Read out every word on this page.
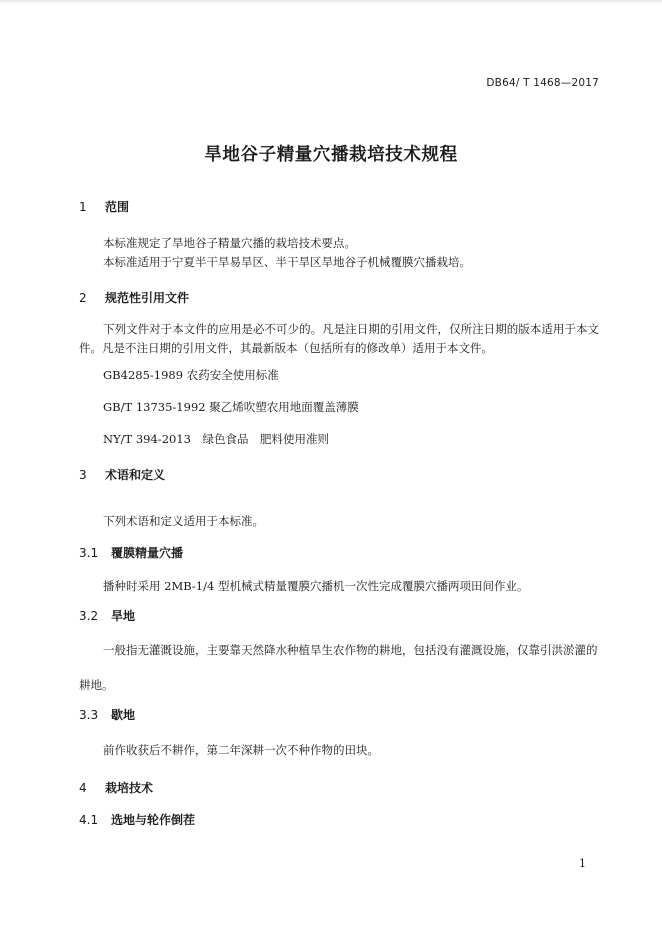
DB64/ T 1468—2017
旱地谷子精量穴播栽培技术规程
1 范围
本标准规定了旱地谷子精量穴播的栽培技术要点。
本标准适用于宁夏半干旱易旱区、半干旱区旱地谷子机械覆膜穴播栽培。
2 规范性引用文件
下列文件对于本文件的应用是必不可少的。凡是注日期的引用文件，仅所注日期的版本适用于本文件。凡是不注日期的引用文件，其最新版本（包括所有的修改单）适用于本文件。
GB4285-1989 农药安全使用标准
GB/T 13735-1992 聚乙烯吹塑农用地面覆盖薄膜
NY/T 394-2013　绿色食品　肥料使用准则
3 术语和定义
下列术语和定义适用于本标准。
3.1 覆膜精量穴播
播种时采用 2MB-1/4 型机械式精量覆膜穴播机一次性完成覆膜穴播两项田间作业。
3.2 旱地
一般指无灌溉设施，主要靠天然降水种植旱生农作物的耕地，包括没有灌溉设施，仅靠引洪淤灌的
耕地。
3.3 歇地
前作收获后不耕作，第二年深耕一次不种作物的田块。
4 栽培技术
4.1 选地与轮作倒茬
1
